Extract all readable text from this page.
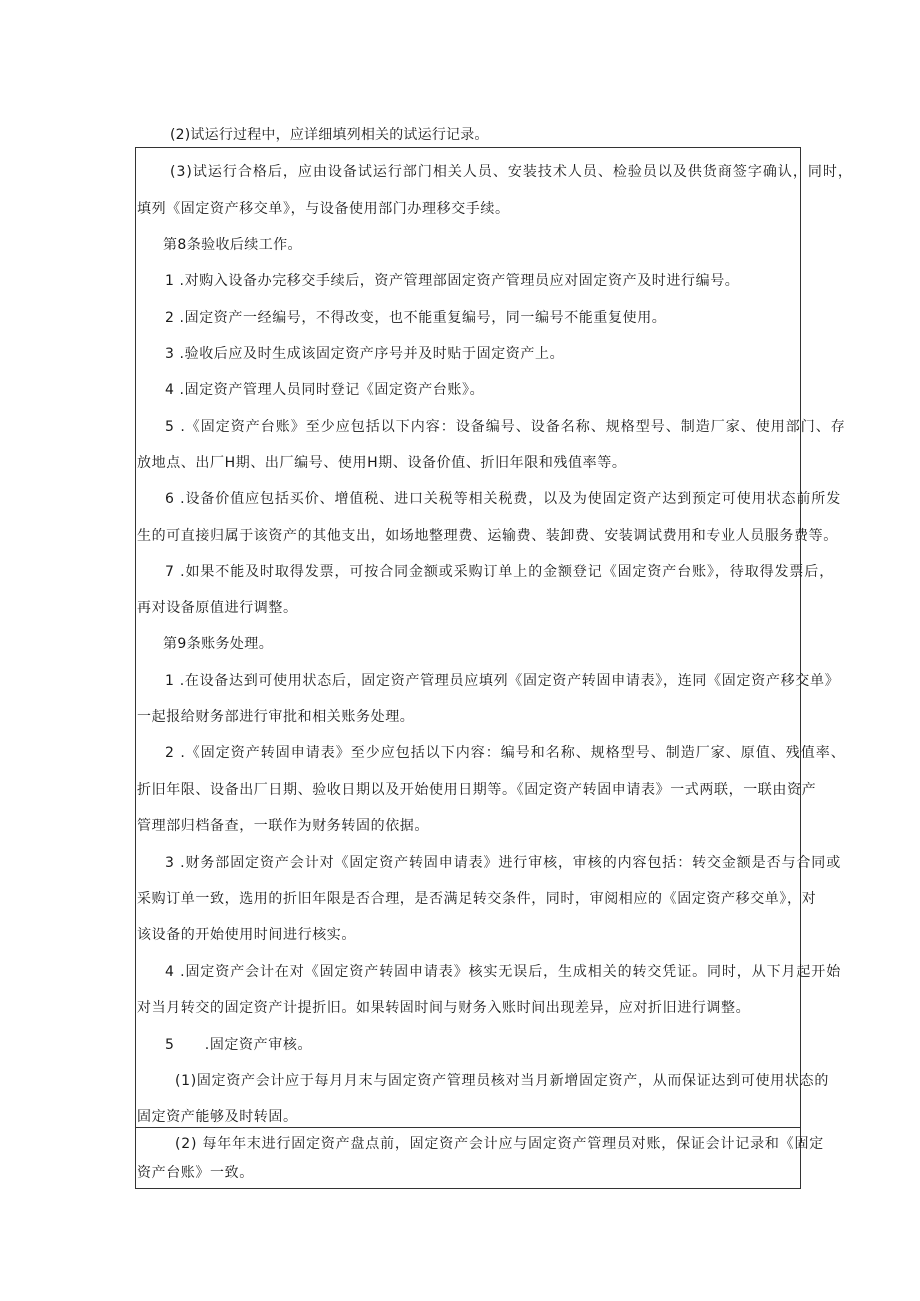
(2)试运行过程中，应详细填列相关的试运行记录。
(3)试运行合格后，应由设备试运行部门相关人员、安装技术人员、检验员以及供货商签字确认，同时，
填列《固定资产移交单》，与设备使用部门办理移交手续。
第8条验收后续工作。
1 .对购入设备办完移交手续后，资产管理部固定资产管理员应对固定资产及时进行编号。
2 .固定资产一经编号，不得改变，也不能重复编号，同一编号不能重复使用。
3 .验收后应及时生成该固定资产序号并及时贴于固定资产上。
4 .固定资产管理人员同时登记《固定资产台账》。
5 .《固定资产台账》至少应包括以下内容：设备编号、设备名称、规格型号、制造厂家、使用部门、存
放地点、出厂H期、出厂编号、使用H期、设备价值、折旧年限和残值率等。
6 .设备价值应包括买价、增值税、进口关税等相关税费，以及为使固定资产达到预定可使用状态前所发
生的可直接归属于该资产的其他支出，如场地整理费、运输费、装卸费、安装调试费用和专业人员服务费等。
7 .如果不能及时取得发票，可按合同金额或采购订单上的金额登记《固定资产台账》，待取得发票后，
再对设备原值进行调整。
第9条账务处理。
1 .在设备达到可使用状态后，固定资产管理员应填列《固定资产转固申请表》，连同《固定资产移交单》
一起报给财务部进行审批和相关账务处理。
2 .《固定资产转固申请表》至少应包括以下内容：编号和名称、规格型号、制造厂家、原值、残值率、
折旧年限、设备出厂日期、验收日期以及开始使用日期等。《固定资产转固申请表》一式两联，一联由资产
管理部归档备查，一联作为财务转固的依据。
3 .财务部固定资产会计对《固定资产转固申请表》进行审核，审核的内容包括：转交金额是否与合同或
采购订单一致，选用的折旧年限是否合理，是否满足转交条件，同时，审阅相应的《固定资产移交单》，对
该设备的开始使用时间进行核实。
4 .固定资产会计在对《固定资产转固申请表》核实无误后，生成相关的转交凭证。同时，从下月起开始
对当月转交的固定资产计提折旧。如果转固时间与财务入账时间出现差异，应对折旧进行调整。
5      .固定资产审核。
(1)固定资产会计应于每月月末与固定资产管理员核对当月新增固定资产，从而保证达到可使用状态的
固定资产能够及时转固。
(2) 每年年末进行固定资产盘点前，固定资产会计应与固定资产管理员对账，保证会计记录和《固定
资产台账》一致。
